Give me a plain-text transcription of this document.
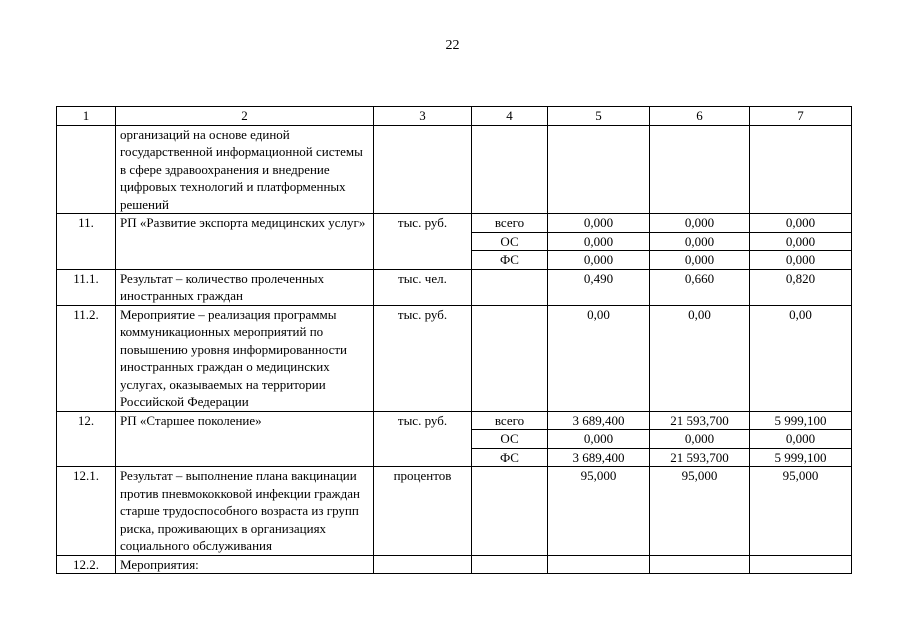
22
1	2	3	4	5	6	7
	организаций на основе единой государственной информационной системы в сфере здравоохранения и внедрение цифровых технологий и платформенных решений					
11.	РП «Развитие экспорта медицинских услуг»	тыс. руб.	всего	0,000	0,000	0,000
			ОС	0,000	0,000	0,000
			ФС	0,000	0,000	0,000
11.1.	Результат – количество пролеченных иностранных граждан	тыс. чел.		0,490	0,660	0,820
11.2.	Мероприятие – реализация программы коммуникационных мероприятий по повышению уровня информированности иностранных граждан о медицинских услугах, оказываемых на территории Российской Федерации	тыс. руб.		0,00	0,00	0,00
12.	РП «Старшее поколение»	тыс. руб.	всего	3 689,400	21 593,700	5 999,100
			ОС	0,000	0,000	0,000
			ФС	3 689,400	21 593,700	5 999,100
12.1.	Результат – выполнение плана вакцинации против пневмококковой инфекции граждан старше трудоспособного возраста из групп риска, проживающих в организациях социального обслуживания	процентов		95,000	95,000	95,000
12.2.	Мероприятия:					
